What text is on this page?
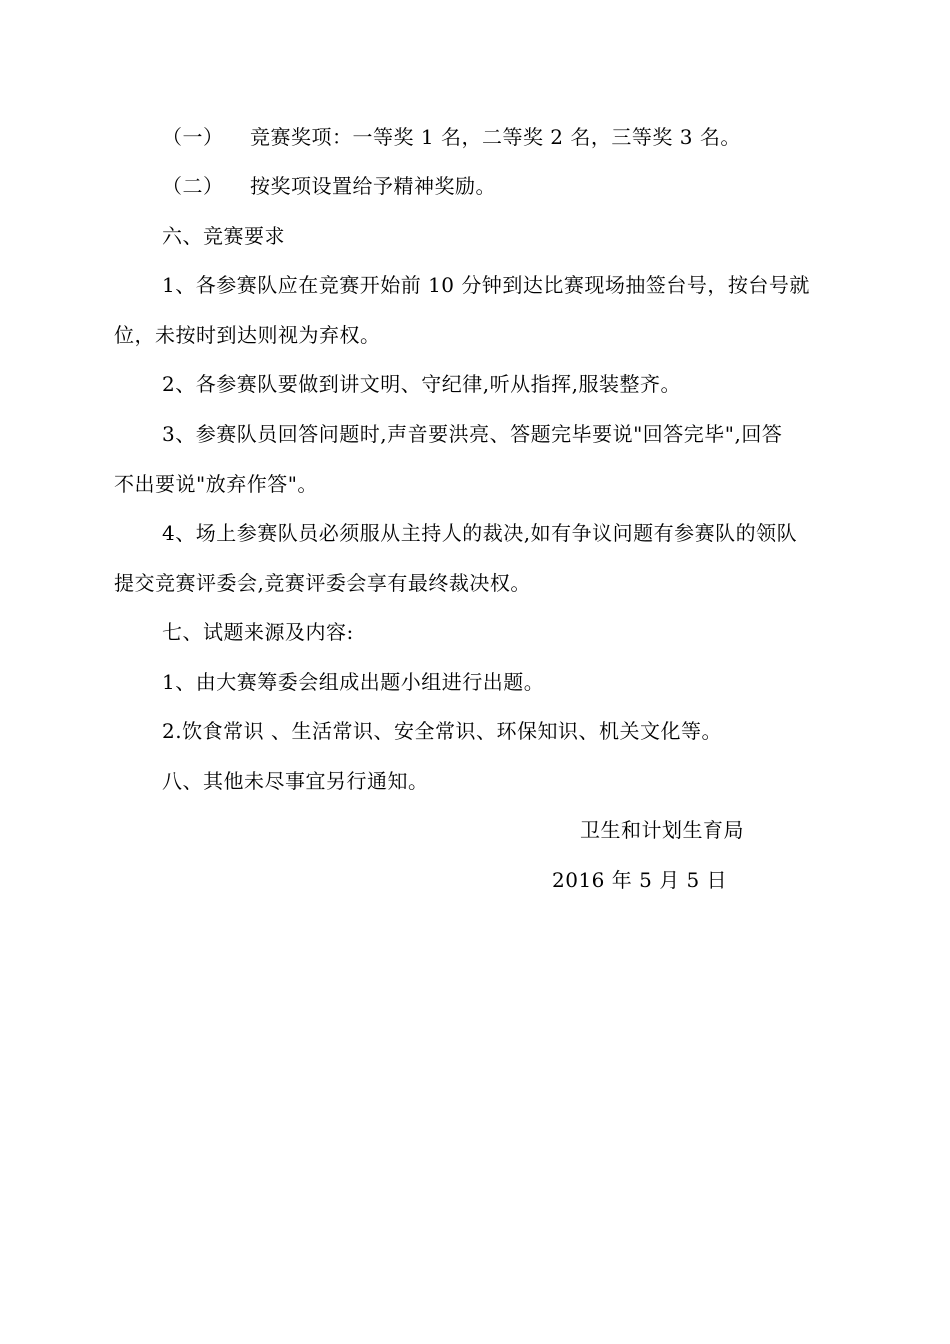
（一） 竞赛奖项：一等奖 1 名，二等奖 2 名，三等奖 3 名。
（二） 按奖项设置给予精神奖励。
六、竞赛要求
1、各参赛队应在竞赛开始前 10 分钟到达比赛现场抽签台号，按台号就
位，未按时到达则视为弃权。
2、各参赛队要做到讲文明、守纪律,听从指挥,服装整齐。
3、参赛队员回答问题时,声音要洪亮、答题完毕要说"回答完毕",回答
不出要说"放弃作答"。
4、场上参赛队员必须服从主持人的裁决,如有争议问题有参赛队的领队
提交竞赛评委会,竞赛评委会享有最终裁决权。
七、试题来源及内容:
1、由大赛筹委会组成出题小组进行出题。
2.饮食常识 、生活常识、安全常识、环保知识、机关文化等。
八、其他未尽事宜另行通知。
卫生和计划生育局
2016 年 5 月 5 日
